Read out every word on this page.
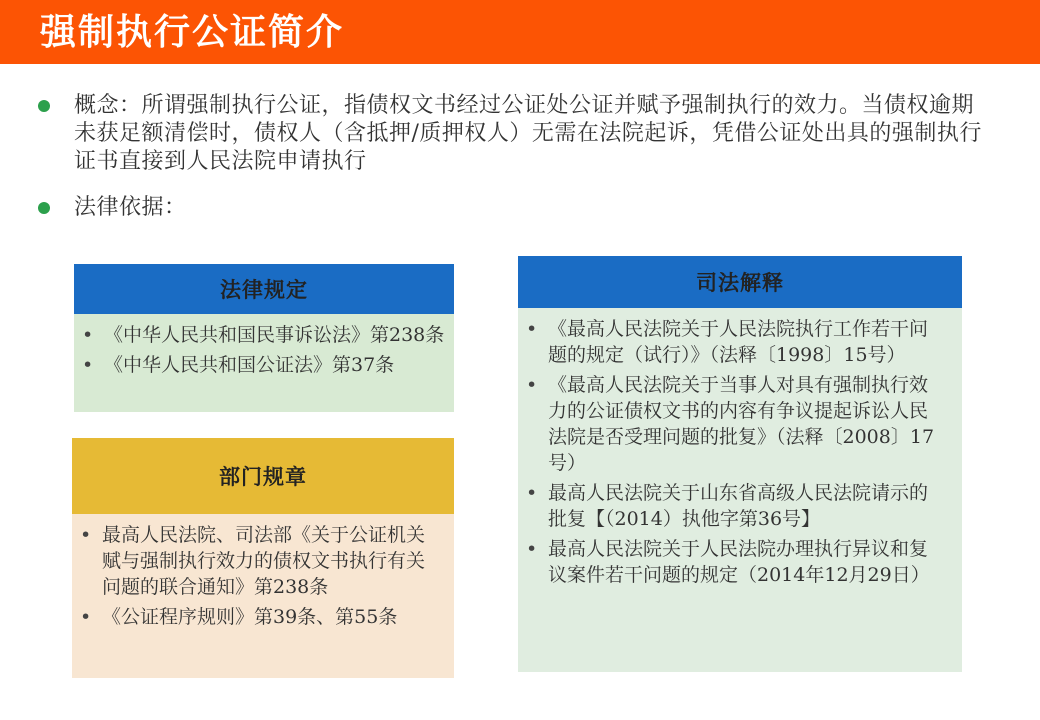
强制执行公证简介
概念：所谓强制执行公证，指债权文书经过公证处公证并赋予强制执行的效力。当债权逾期未获足额清偿时，债权人（含抵押/质押权人）无需在法院起诉，凭借公证处出具的强制执行证书直接到人民法院申请执行
法律依据：
法律规定
• 《中华人民共和国民事诉讼法》第238条
• 《中华人民共和国公证法》第37条
部门规章
• 最高人民法院、司法部《关于公证机关赋与强制执行效力的债权文书执行有关问题的联合通知》第238条
• 《公证程序规则》第39条、第55条
司法解释
• 《最高人民法院关于人民法院执行工作若干问题的规定（试行）》（法释〔1998〕15号）
• 《最高人民法院关于当事人对具有强制执行效力的公证债权文书的内容有争议提起诉讼人民法院是否受理问题的批复》（法释〔2008〕17号）
• 最高人民法院关于山东省高级人民法院请示的批复【（2014）执他字第36号】
• 最高人民法院关于人民法院办理执行异议和复议案件若干问题的规定（2014年12月29日）
